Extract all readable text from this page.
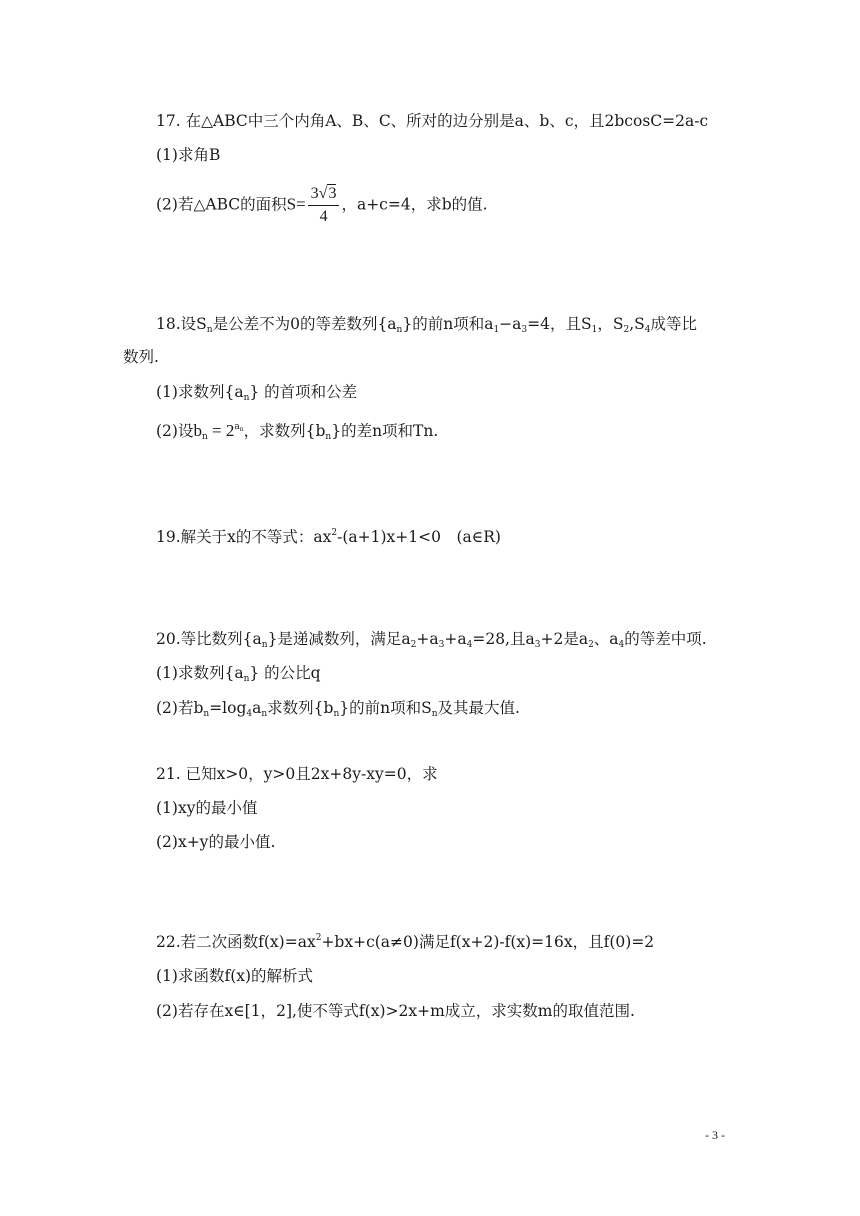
17. 在△ABC中三个内角A、B、C、所对的边分别是a、b、c，且2bcosC=2a-c
(1)求角B
(2)若△ABC的面积$S= \frac{3√3}{4}$ ，a+c=4，求b的值.
18.设$S_n$是公差不为0的等差数列$\{a_n\}$的前n项和$a_1-a_3=4$，且$S_1$，$S_2,S_4$成等比
数列.
(1)求数列$\{a_n\}$ 的首项和公差
(2)设$b_n = 2^{a_n}$，求数列$\{b_n\}$的差n项和Tn.
19.解关于x的不等式：$ax^2-(a+1)x+1<0$　(a∈R)
20.等比数列$\{a_n\}$是递减数列，满足$a_2+a_3+a_4=28$,且$a_3+2$是$a_2$、$a_4$的等差中项.
(1)求数列$\{a_n\}$ 的公比q
(2)若$b_n=\log_4a_n$求数列$\{b_n\}$的前n项和$S_n$及其最大值.
21. 已知x>0，y>0且2x+8y-xy=0，求
(1)xy的最小值
(2)x+y的最小值.
22.若二次函数$f(x)=ax^2+bx+c(a\ne 0)$满足f(x+2)-f(x)=16x，且f(0)=2
(1)求函数f(x)的解析式
(2)若存在x∈[1，2],使不等式f(x)>2x+m成立，求实数m的取值范围.
- 3 -
